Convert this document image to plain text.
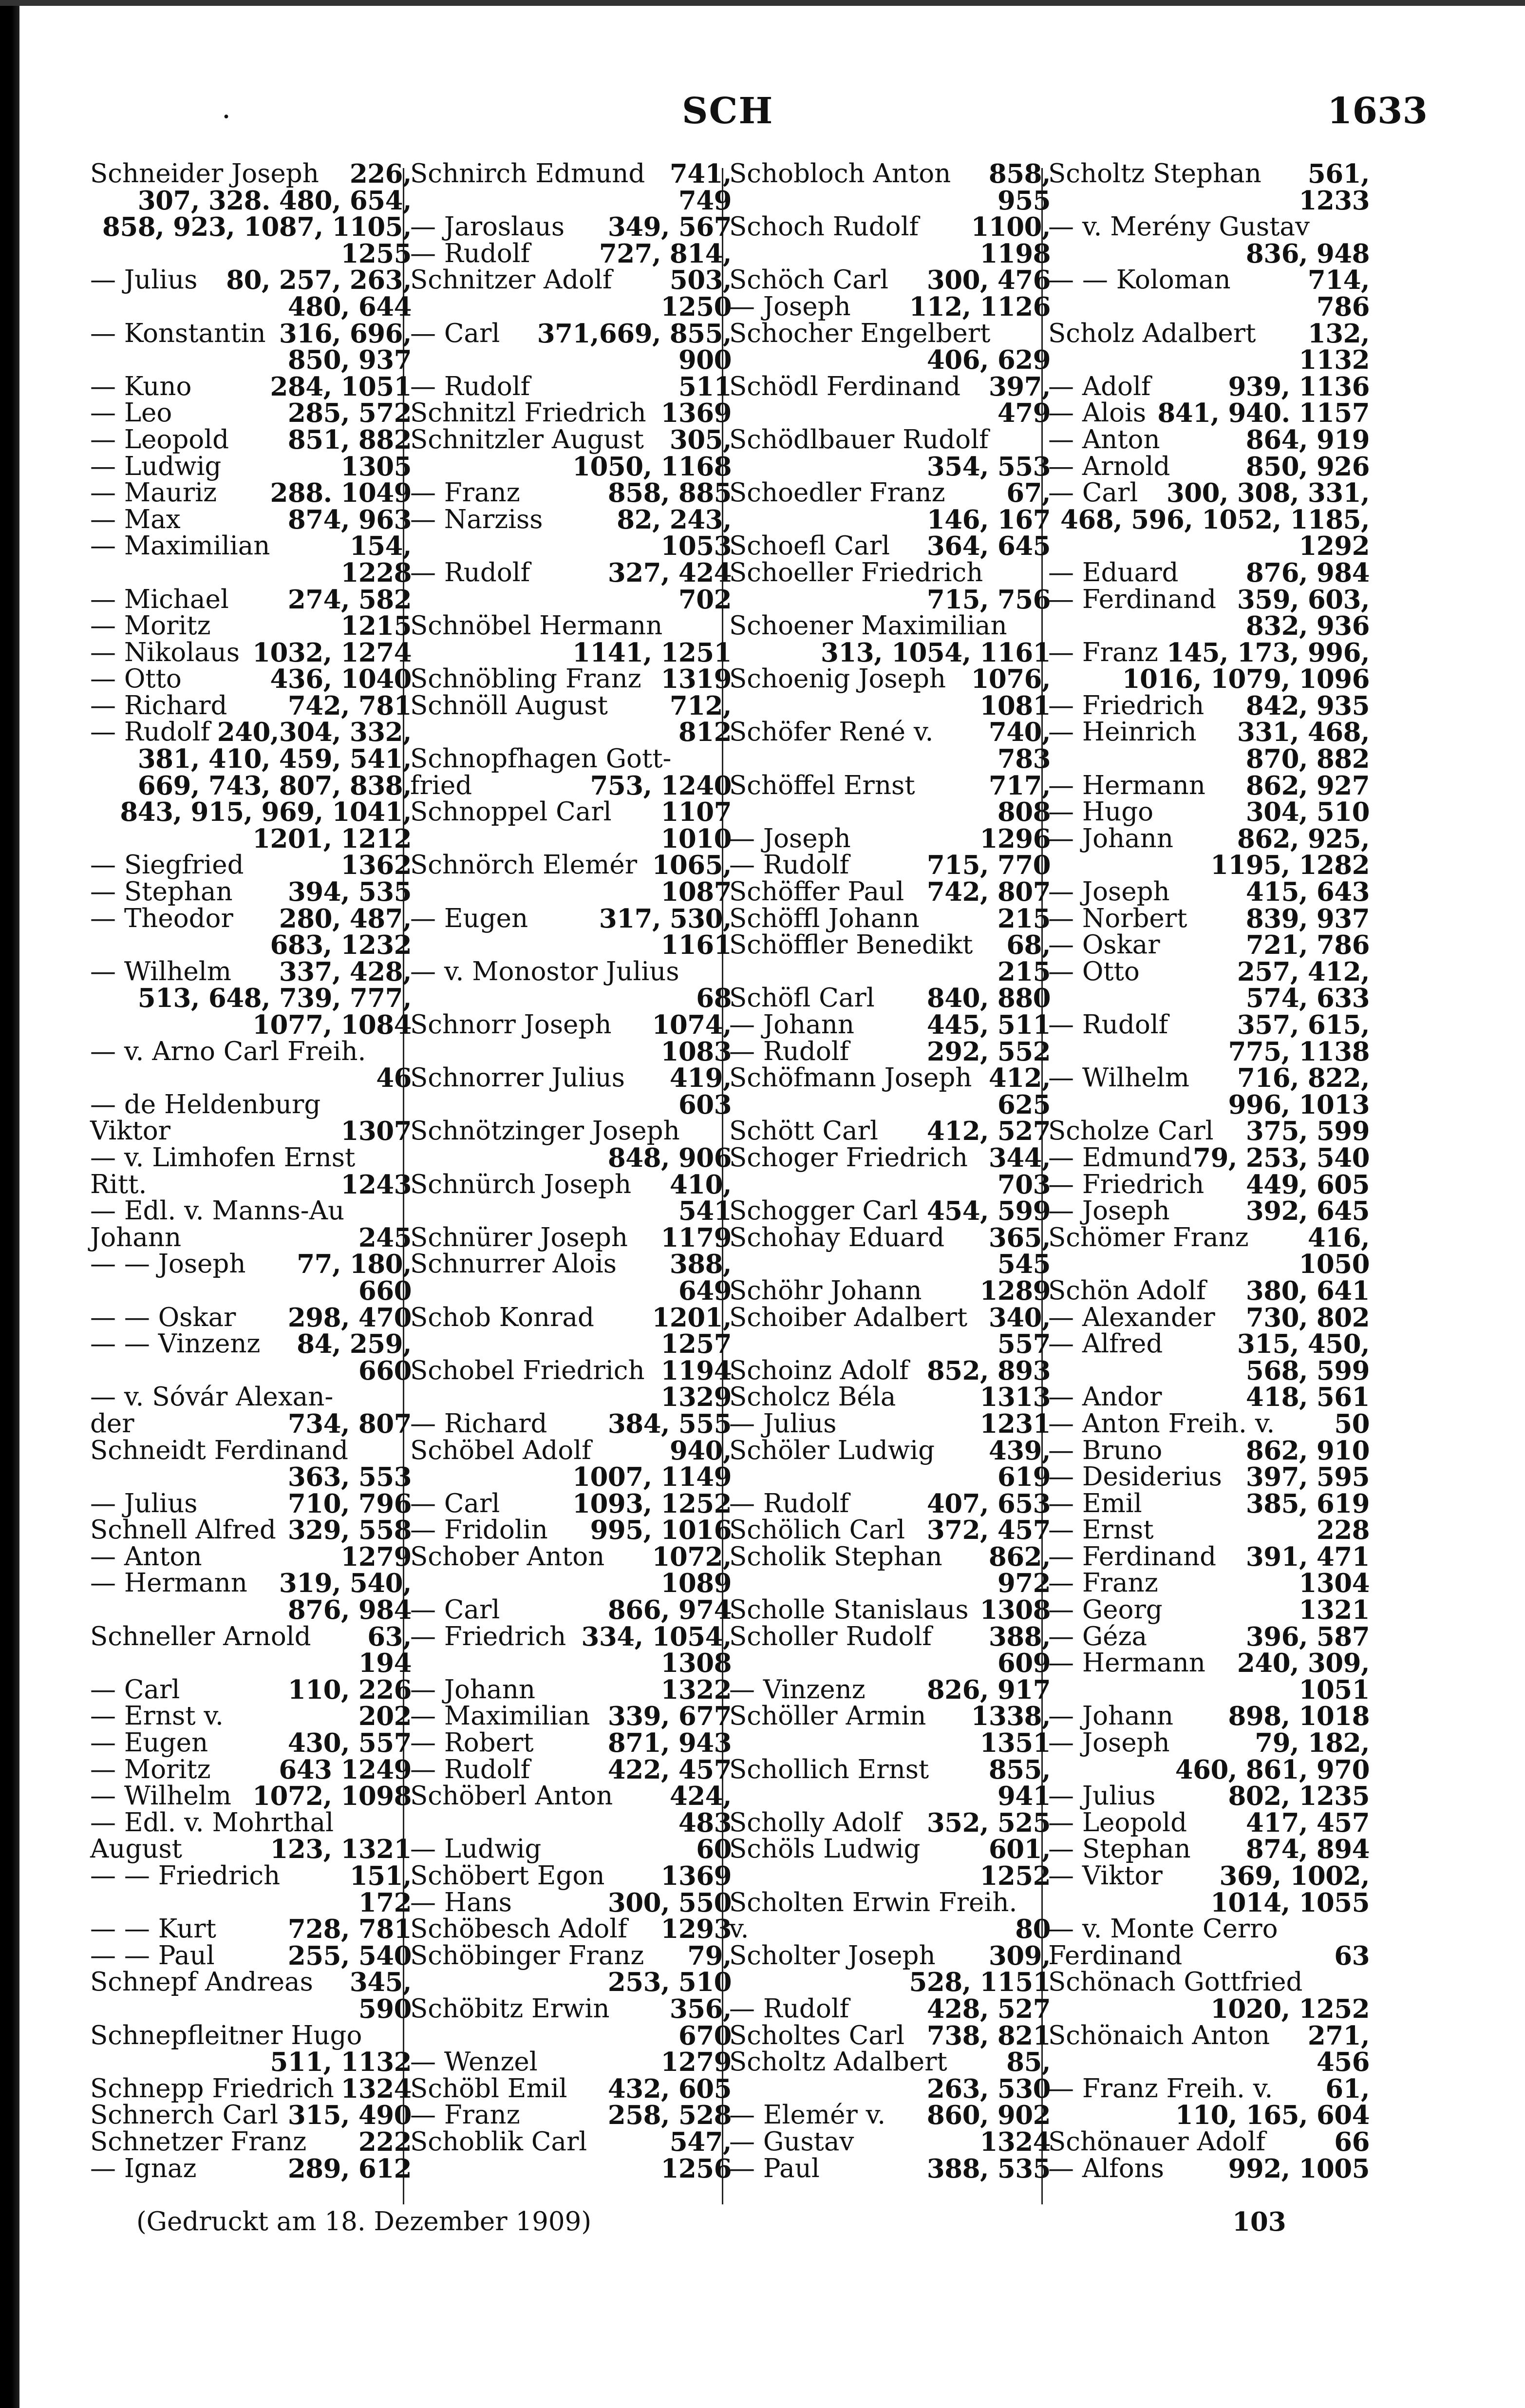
·	SCH	1633
Schneider Joseph 226,
307, 328. 480, 654,
858, 923, 1087, 1105,
1255
— Julius 80, 257, 263,
480, 644
— Konstantin 316, 696,
850, 937
— Kuno	284, 1051
— Leo	285, 572
— Leopold 851, 882
— Ludwig	1305
— Mauriz 288. 1049
— Max	874, 963
— Maximilian	154,
1228
— Michael 274, 582
— Moritz	1215
— Nikolaus 1032, 1274
— Otto	436, 1040
— Richard 742, 781
— Rudolf 240,304, 332,
381, 410, 459, 541,
669, 743, 807, 838,
843, 915, 969, 1041,
1201, 1212
— Siegfried	1362
— Stephan 394, 535
— Theodor 280, 487,
683, 1232
— Wilhelm 337, 428,
513, 648, 739, 777,
1077, 1084
— v. Arno Carl Freih.
46
— de Heldenburg
Viktor	1307
— v. Limhofen Ernst
Ritt.	1243
— Edl. v. Manns-Au
Johann	245
— — Joseph 77, 180,
660
— — Oskar 298, 470
— — Vinzenz 84, 259,
660
— v. Sóvár Alexan-
der	734, 807
Schneidt Ferdinand
363, 553
— Julius	710, 796
Schnell Alfred 329, 558
— Anton	1279
— Hermann 319, 540,
876, 984
Schneller Arnold 63,
194
— Carl	110, 226
— Ernst v.	202
— Eugen	430, 557
— Moritz	643 1249
— Wilhelm 1072, 1098
— Edl. v. Mohrthal
August	123, 1321
— — Friedrich	151,
172
— — Kurt	728, 781
— — Paul	255, 540
Schnepf Andreas 345,
590
Schnepfleitner Hugo
511, 1132
Schnepp Friedrich 1324
Schnerch Carl 315, 490
Schnetzer Franz 222
— Ignaz	289, 612
Schnirch Edmund 741,
749
— Jaroslaus 349, 567
— Rudolf	727, 814,
Schnitzer Adolf 503,
1250
— Carl 371,669, 855,
900
— Rudolf	511
Schnitzl Friedrich 1369
Schnitzler August 305,
1050, 1168
— Franz	858, 885
— Narziss	82, 243,
1053
— Rudolf	327, 424
702
Schnöbel Hermann
1141, 1251
Schnöbling Franz 1319
Schnöll August 712,
812
Schnopfhagen Gott-
fried	753, 1240
Schnoppel Carl 1107
1010
Schnörch Elemér 1065,
1087
— Eugen	317, 530,
1161
— v. Monostor Julius
68
Schnorr Joseph 1074,
1083
Schnorrer Julius 419,
603
Schnötzinger Joseph
848, 906
Schnürch Joseph 410,
541
Schnürer Joseph 1179
Schnurrer Alois 388,
649
Schob Konrad 1201,
1257
Schobel Friedrich 1194
1329
— Richard 384, 555
Schöbel Adolf	940,
1007, 1149
— Carl	1093, 1252
— Fridolin 995, 1016
Schober Anton 1072,
1089
— Carl	866, 974
— Friedrich 334, 1054,
1308
— Johann	1322
— Maximilian 339, 677
— Robert	871, 943
— Rudolf	422, 457
Schöberl Anton 424,
483
— Ludwig	60
Schöbert Egon 1369
— Hans	300, 550
Schöbesch Adolf 1293
Schöbinger Franz 79,
253, 510
Schöbitz Erwin 356,
670
— Wenzel	1279
Schöbl Emil 432, 605
— Franz	258, 528
Schoblik Carl	547,
1256
Schobloch Anton 858,
955
Schoch Rudolf 1100,
1198
Schöch Carl 300, 476
— Joseph 112, 1126
Schocher Engelbert
406, 629
Schödl Ferdinand 397,
479
Schödlbauer Rudolf
354, 553
Schoedler Franz 67,
146, 167
Schoefl Carl 364, 645
Schoeller Friedrich
715, 756
Schoener Maximilian
313, 1054, 1161
Schoenig Joseph 1076,
1081
Schöfer René v. 740,
783
Schöffel Ernst	717,
808
— Joseph	1296
— Rudolf	715, 770
Schöffer Paul 742, 807
Schöffl Johann	215
Schöffler Benedikt 68,
215
Schöfl Carl 840, 880
— Johann	445, 511
— Rudolf	292, 552
Schöfmann Joseph 412,
625
Schött Carl 412, 527
Schoger Friedrich 344,
703
Schogger Carl 454, 599
Schohay Eduard 365,
545
Schöhr Johann 1289
Schoiber Adalbert 340,
557
Schoinz Adolf 852, 893
Scholcz Béla	1313
— Julius	1231
Schöler Ludwig 439,
619
— Rudolf	407, 653
Schölich Carl 372, 457
Scholik Stephan 862,
972
Scholle Stanislaus 1308
Scholler Rudolf 388,
609
— Vinzenz 826, 917
Schöller Armin 1338,
1351
Schollich Ernst 855,
941
Scholly Adolf 352, 525
Schöls Ludwig	601,
1252
Scholten Erwin Freih.
v.	80
Scholter Joseph 309,
528, 1151
— Rudolf	428, 527
Scholtes Carl 738, 821
Scholtz Adalbert 85,
263, 530
— Elemér v. 860, 902
— Gustav	1324
— Paul	388, 535
Scholtz Stephan 561,
1233
— v. Merény Gustav
836, 948
— — Koloman	714,
786
Scholz Adalbert 132,
1132
— Adolf	939, 1136
— Alois 841, 940. 1157
— Anton	864, 919
— Arnold	850, 926
— Carl 300, 308, 331,
468, 596, 1052, 1185,
1292
— Eduard	876, 984
— Ferdinand 359, 603,
832, 936
— Franz 145, 173, 996,
1016, 1079, 1096
— Friedrich 842, 935
— Heinrich 331, 468,
870, 882
— Hermann 862, 927
— Hugo	304, 510
— Johann 862, 925,
1195, 1282
— Joseph	415, 643
— Norbert 839, 937
— Oskar	721, 786
— Otto	257, 412,
574, 633
— Rudolf	357, 615,
775, 1138
— Wilhelm 716, 822,
996, 1013
Scholze Carl 375, 599
— Edmund 79, 253, 540
— Friedrich 449, 605
— Joseph	392, 645
Schömer Franz 416,
1050
Schön Adolf 380, 641
— Alexander 730, 802
— Alfred	315, 450,
568, 599
— Andor	418, 561
— Anton Freih. v. 50
— Bruno	862, 910
— Desiderius 397, 595
— Emil	385, 619
— Ernst	228
— Ferdinand 391, 471
— Franz	1304
— Georg	1321
— Géza	396, 587
— Hermann 240, 309,
1051
— Johann 898, 1018
— Joseph	79, 182,
460, 861, 970
— Julius	802, 1235
— Leopold 417, 457
— Stephan 874, 894
— Viktor 369, 1002,
1014, 1055
— v. Monte Cerro
Ferdinand	63
Schönach Gottfried
1020, 1252
Schönaich Anton 271,
456
— Franz Freih. v. 61,
110, 165, 604
Schönauer Adolf	66
— Alfons 992, 1005
(Gedruckt am 18. Dezember 1909)	103
